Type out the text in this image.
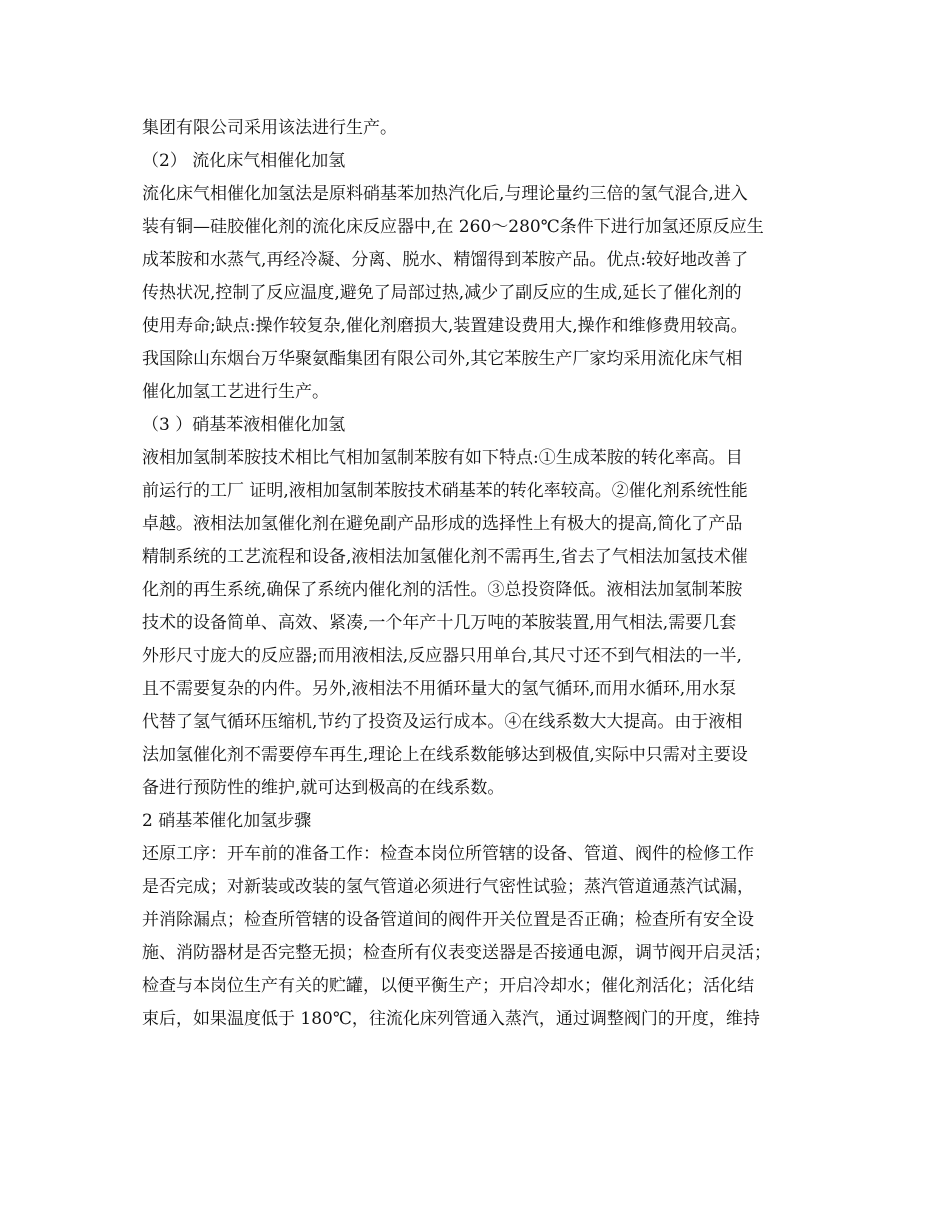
集团有限公司采用该法进行生产。
（2） 流化床气相催化加氢
流化床气相催化加氢法是原料硝基苯加热汽化后,与理论量约三倍的氢气混合,进入
装有铜—硅胶催化剂的流化床反应器中,在 260～280℃条件下进行加氢还原反应生
成苯胺和水蒸气,再经冷凝、分离、脱水、精馏得到苯胺产品。优点:较好地改善了
传热状况,控制了反应温度,避免了局部过热,减少了副反应的生成,延长了催化剂的
使用寿命;缺点:操作较复杂,催化剂磨损大,装置建设费用大,操作和维修费用较高。
我国除山东烟台万华聚氨酯集团有限公司外,其它苯胺生产厂家均采用流化床气相
催化加氢工艺进行生产。
（3 ）硝基苯液相催化加氢
液相加氢制苯胺技术相比气相加氢制苯胺有如下特点:①生成苯胺的转化率高。目
前运行的工厂 证明,液相加氢制苯胺技术硝基苯的转化率较高。②催化剂系统性能
卓越。液相法加氢催化剂在避免副产品形成的选择性上有极大的提高,简化了产品
精制系统的工艺流程和设备,液相法加氢催化剂不需再生,省去了气相法加氢技术催
化剂的再生系统,确保了系统内催化剂的活性。③总投资降低。液相法加氢制苯胺
技术的设备简单、高效、紧凑,一个年产十几万吨的苯胺装置,用气相法,需要几套
外形尺寸庞大的反应器;而用液相法,反应器只用单台,其尺寸还不到气相法的一半,
且不需要复杂的内件。另外,液相法不用循环量大的氢气循环,而用水循环,用水泵
代替了氢气循环压缩机,节约了投资及运行成本。④在线系数大大提高。由于液相
法加氢催化剂不需要停车再生,理论上在线系数能够达到极值,实际中只需对主要设
备进行预防性的维护,就可达到极高的在线系数。
2 硝基苯催化加氢步骤
还原工序：开车前的准备工作：检查本岗位所管辖的设备、管道、阀件的检修工作
是否完成；对新装或改装的氢气管道必须进行气密性试验；蒸汽管道通蒸汽试漏，
并消除漏点；检查所管辖的设备管道间的阀件开关位置是否正确；检查所有安全设
施、消防器材是否完整无损；检查所有仪表变送器是否接通电源，调节阀开启灵活；
检查与本岗位生产有关的贮罐，以便平衡生产；开启冷却水；催化剂活化；活化结
束后，如果温度低于 180℃，往流化床列管通入蒸汽，通过调整阀门的开度，维持
